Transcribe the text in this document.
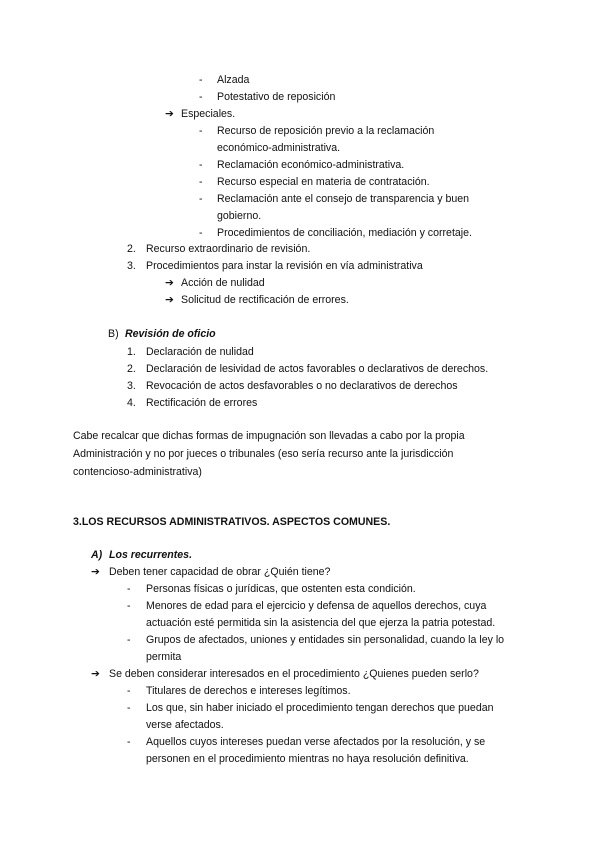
- Alzada
- Potestativo de reposición
➔ Especiales.
- Recurso de reposición previo a la reclamación
económico-administrativa.
- Reclamación económico-administrativa.
- Recurso especial en materia de contratación.
- Reclamación ante el consejo de transparencia y buen
gobierno.
- Procedimientos de conciliación, mediación y corretaje.
2. Recurso extraordinario de revisión.
3. Procedimientos para instar la revisión en vía administrativa
➔ Acción de nulidad
➔ Solicitud de rectificación de errores.
B) Revisión de oficio
1. Declaración de nulidad
2. Declaración de lesividad de actos favorables o declarativos de derechos.
3. Revocación de actos desfavorables o no declarativos de derechos
4. Rectificación de errores
Cabe recalcar que dichas formas de impugnación son llevadas a cabo por la propia
Administración y no por jueces o tribunales (eso sería recurso ante la jurisdicción
contencioso-administrativa)
3.LOS RECURSOS ADMINISTRATIVOS. ASPECTOS COMUNES.
A) Los recurrentes.
➔ Deben tener capacidad de obrar ¿Quién tiene?
- Personas físicas o jurídicas, que ostenten esta condición.
- Menores de edad para el ejercicio y defensa de aquellos derechos, cuya
actuación esté permitida sin la asistencia del que ejerza la patria potestad.
- Grupos de afectados, uniones y entidades sin personalidad, cuando la ley lo
permita
➔ Se deben considerar interesados en el procedimiento ¿Quienes pueden serlo?
- Titulares de derechos e intereses legítimos.
- Los que, sin haber iniciado el procedimiento tengan derechos que puedan
verse afectados.
- Aquellos cuyos intereses puedan verse afectados por la resolución, y se
personen en el procedimiento mientras no haya resolución definitiva.
